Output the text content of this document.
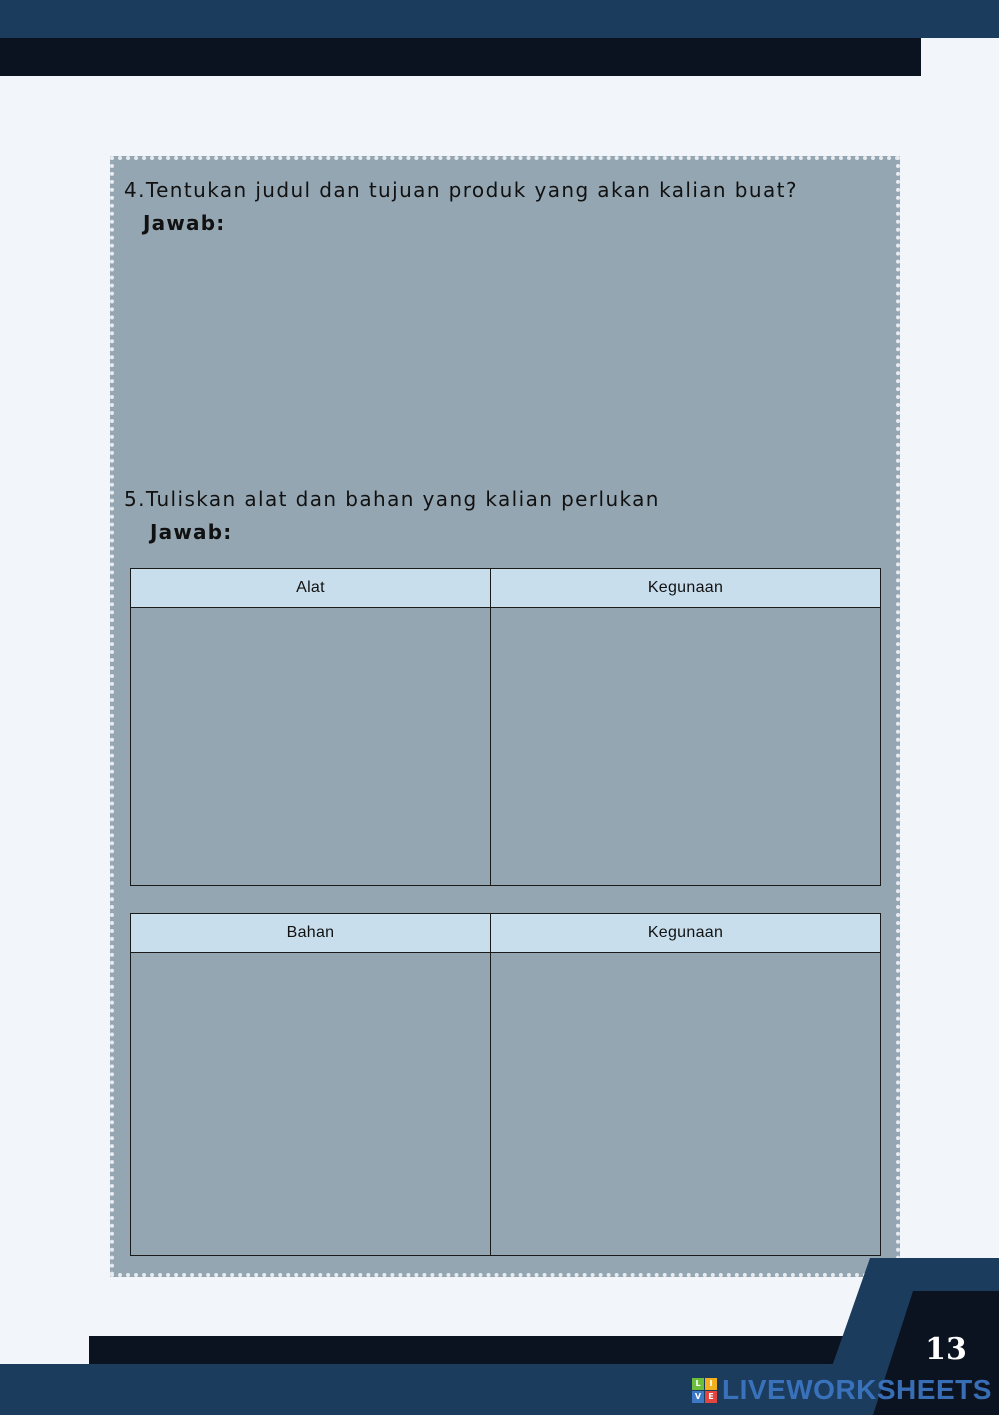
4.Tentukan judul dan tujuan produk yang akan kalian buat?

Jawab:

5.Tuliskan alat dan bahan yang kalian perlukan

Jawab:

Alat	Kegunaan

Bahan	Kegunaan

13
L	I
V E LIVEWORKSHEETS
